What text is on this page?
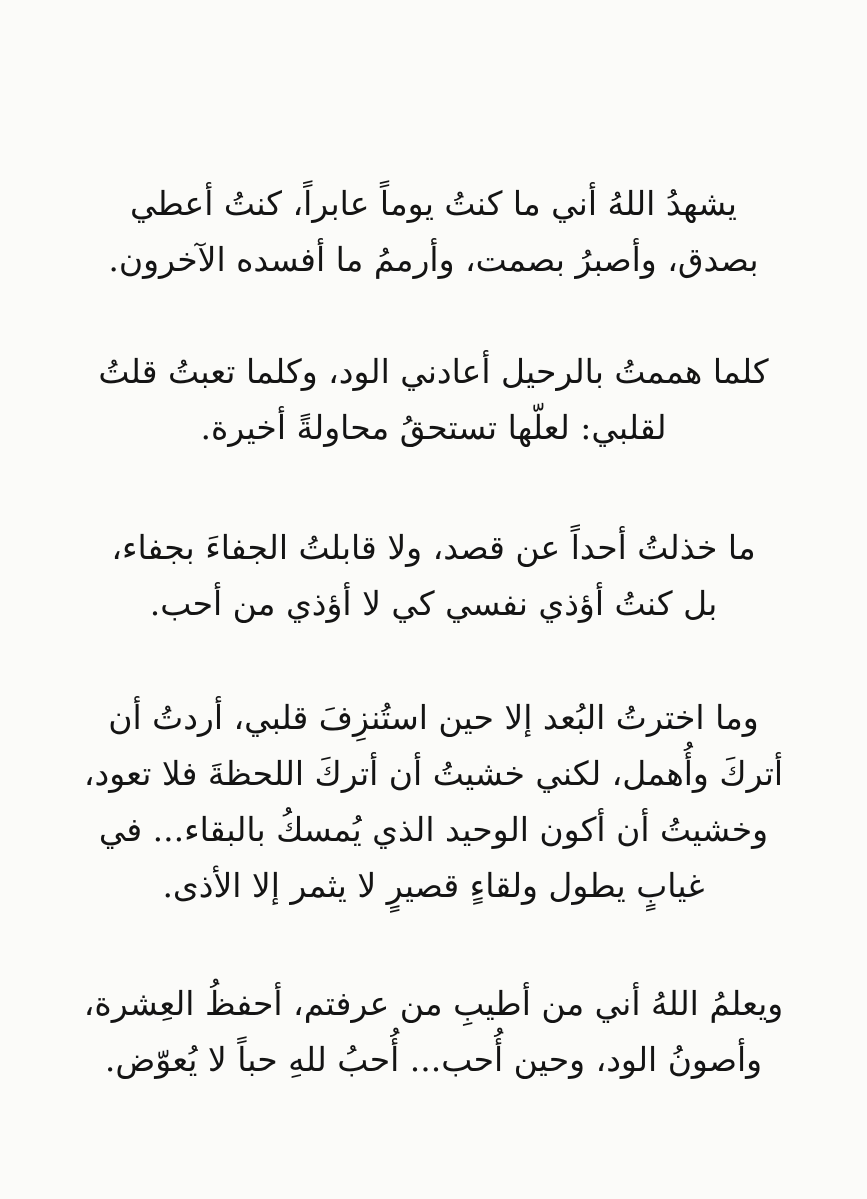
يشهدُ اللهُ أني ما كنتُ يوماً عابراً، كنتُ أعطي
بصدق، وأصبرُ بصمت، وأرممُ ما أفسده الآخرون.
كلما هممتُ بالرحيل أعادني الود، وكلما تعبتُ قلتُ
لقلبي: لعلّها تستحقُ محاولةً أخيرة.
ما خذلتُ أحداً عن قصد، ولا قابلتُ الجفاءَ بجفاء،
بل كنتُ أؤذي نفسي كي لا أؤذي من أحب.
وما اخترتُ البُعد إلا حين استُنزِفَ قلبي، أردتُ أن
أتركَ وأُهمل، لكني خشيتُ أن أتركَ اللحظةَ فلا تعود،
وخشيتُ أن أكون الوحيد الذي يُمسكُ بالبقاء... في
غيابٍ يطول ولقاءٍ قصيرٍ لا يثمر إلا الأذى.
ويعلمُ اللهُ أني من أطيبِ من عرفتم، أحفظُ العِشرة،
وأصونُ الود، وحين أُحب... أُحبُ للهِ حباً لا يُعوّض.
